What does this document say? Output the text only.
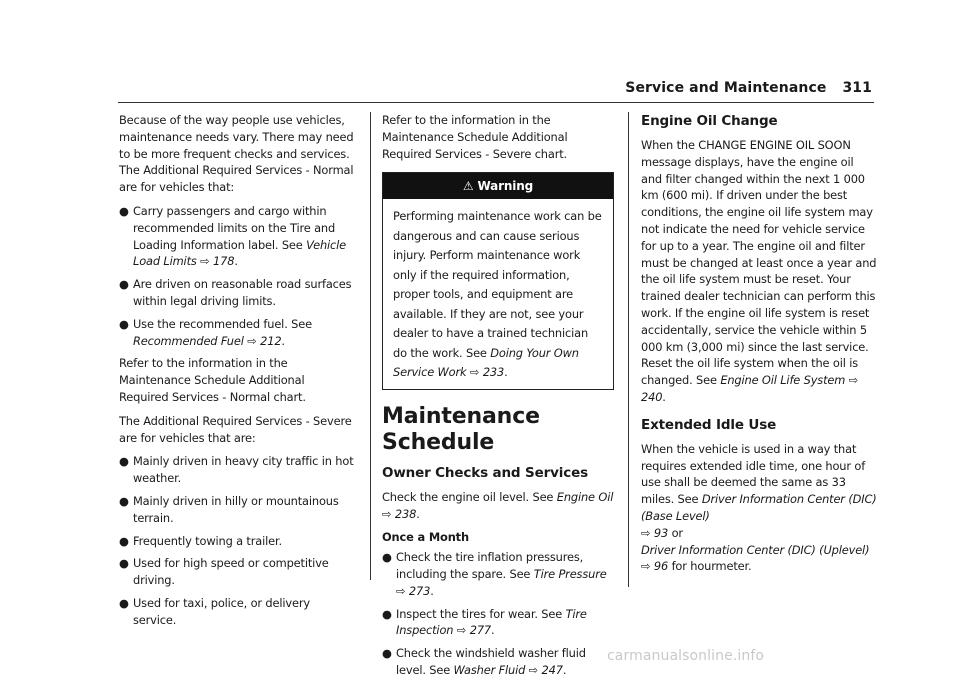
Service and Maintenance 311

Because of the way people use vehicles, maintenance needs vary. There may need to be more frequent checks and services. The Additional Required Services - Normal are for vehicles that:

● Carry passengers and cargo within recommended limits on the Tire and Loading Information label. See Vehicle Load Limits ⇨ 178.
● Are driven on reasonable road surfaces within legal driving limits.
● Use the recommended fuel. See Recommended Fuel ⇨ 212.

Refer to the information in the Maintenance Schedule Additional Required Services - Normal chart.

The Additional Required Services - Severe are for vehicles that are:

● Mainly driven in heavy city traffic in hot weather.
● Mainly driven in hilly or mountainous terrain.
● Frequently towing a trailer.
● Used for high speed or competitive driving.
● Used for taxi, police, or delivery service.

Refer to the information in the Maintenance Schedule Additional Required Services - Severe chart.

⚠ Warning
Performing maintenance work can be dangerous and can cause serious injury. Perform maintenance work only if the required information, proper tools, and equipment are available. If they are not, see your dealer to have a trained technician do the work. See Doing Your Own Service Work ⇨ 233.
Maintenance Schedule
Owner Checks and Services

Check the engine oil level. See Engine Oil
⇨ 238.

Once a Month
● Check the tire inflation pressures, including the spare. See Tire Pressure ⇨ 273.
● Inspect the tires for wear. See Tire Inspection ⇨ 277.
● Check the windshield washer fluid level. See Washer Fluid ⇨ 247.
Engine Oil Change

When the CHANGE ENGINE OIL SOON message displays, have the engine oil and filter changed within the next 1 000 km (600 mi). If driven under the best conditions, the engine oil life system may not indicate the need for vehicle service for up to a year. The engine oil and filter must be changed at least once a year and the oil life system must be reset. Your trained dealer technician can perform this work. If the engine oil life system is reset accidentally, service the vehicle within 5 000 km (3,000 mi) since the last service. Reset the oil life system when the oil is changed. See Engine Oil Life System ⇨ 240.

Extended Idle Use

When the vehicle is used in a way that requires extended idle time, one hour of use shall be deemed the same as 33 miles. See Driver Information Center (DIC) (Base Level)
⇨ 93 or
Driver Information Center (DIC) (Uplevel)
⇨ 96 for hourmeter.

carmanualsonline.info
